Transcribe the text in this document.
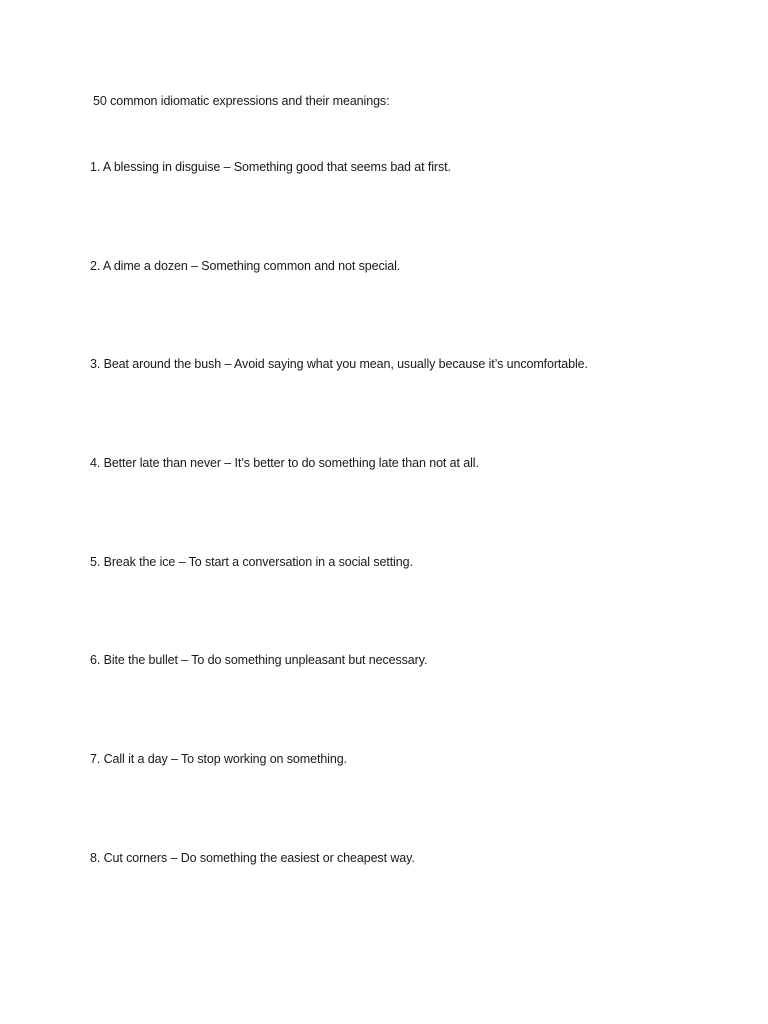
50 common idiomatic expressions and their meanings:
1. A blessing in disguise – Something good that seems bad at first.
2. A dime a dozen – Something common and not special.
3. Beat around the bush – Avoid saying what you mean, usually because it’s uncomfortable.
4. Better late than never – It’s better to do something late than not at all.
5. Break the ice – To start a conversation in a social setting.
6. Bite the bullet – To do something unpleasant but necessary.
7. Call it a day – To stop working on something.
8. Cut corners – Do something the easiest or cheapest way.
